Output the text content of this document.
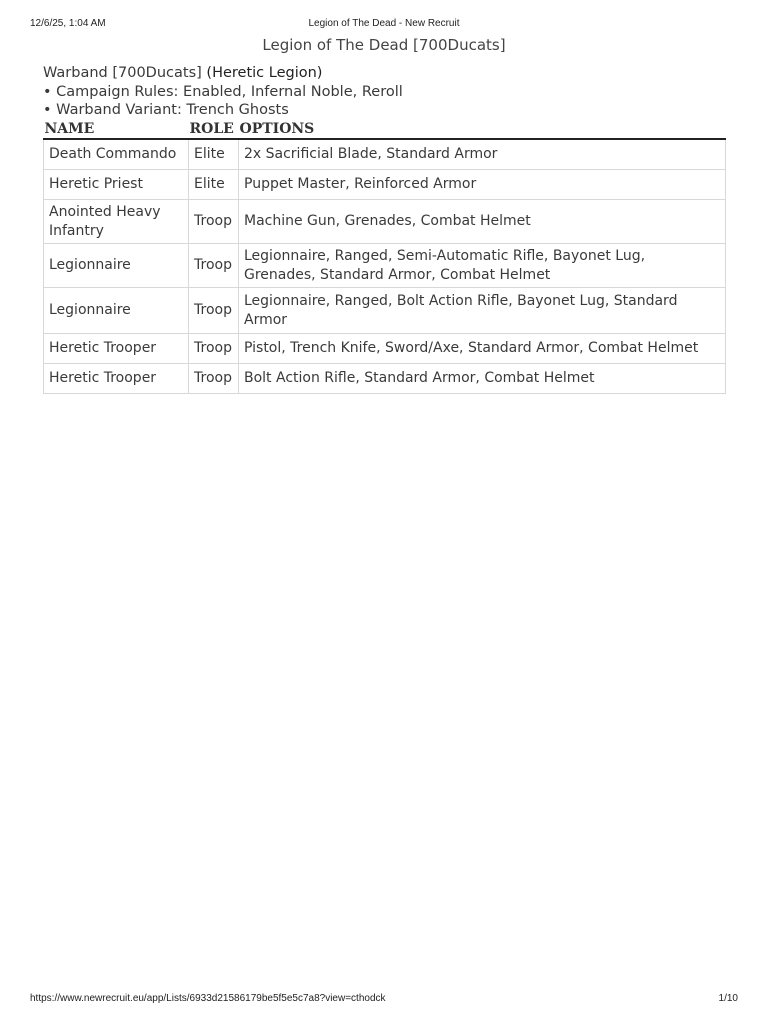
12/6/25, 1:04 AM	Legion of The Dead - New Recruit
Legion of The Dead [700Ducats]
Warband [700Ducats] (Heretic Legion)
• Campaign Rules: Enabled, Infernal Noble, Reroll
• Warband Variant: Trench Ghosts
NAME	ROLE	OPTIONS
Death Commando	Elite	2x Sacrificial Blade, Standard Armor
Heretic Priest	Elite	Puppet Master, Reinforced Armor
Anointed Heavy Infantry	Troop	Machine Gun, Grenades, Combat Helmet
Legionnaire	Troop	Legionnaire, Ranged, Semi-Automatic Rifle, Bayonet Lug, Grenades, Standard Armor, Combat Helmet
Legionnaire	Troop	Legionnaire, Ranged, Bolt Action Rifle, Bayonet Lug, Standard Armor
Heretic Trooper	Troop	Pistol, Trench Knife, Sword/Axe, Standard Armor, Combat Helmet
Heretic Trooper	Troop	Bolt Action Rifle, Standard Armor, Combat Helmet
https://www.newrecruit.eu/app/Lists/6933d21586179be5f5e5c7a8?view=cthodck	1/10
